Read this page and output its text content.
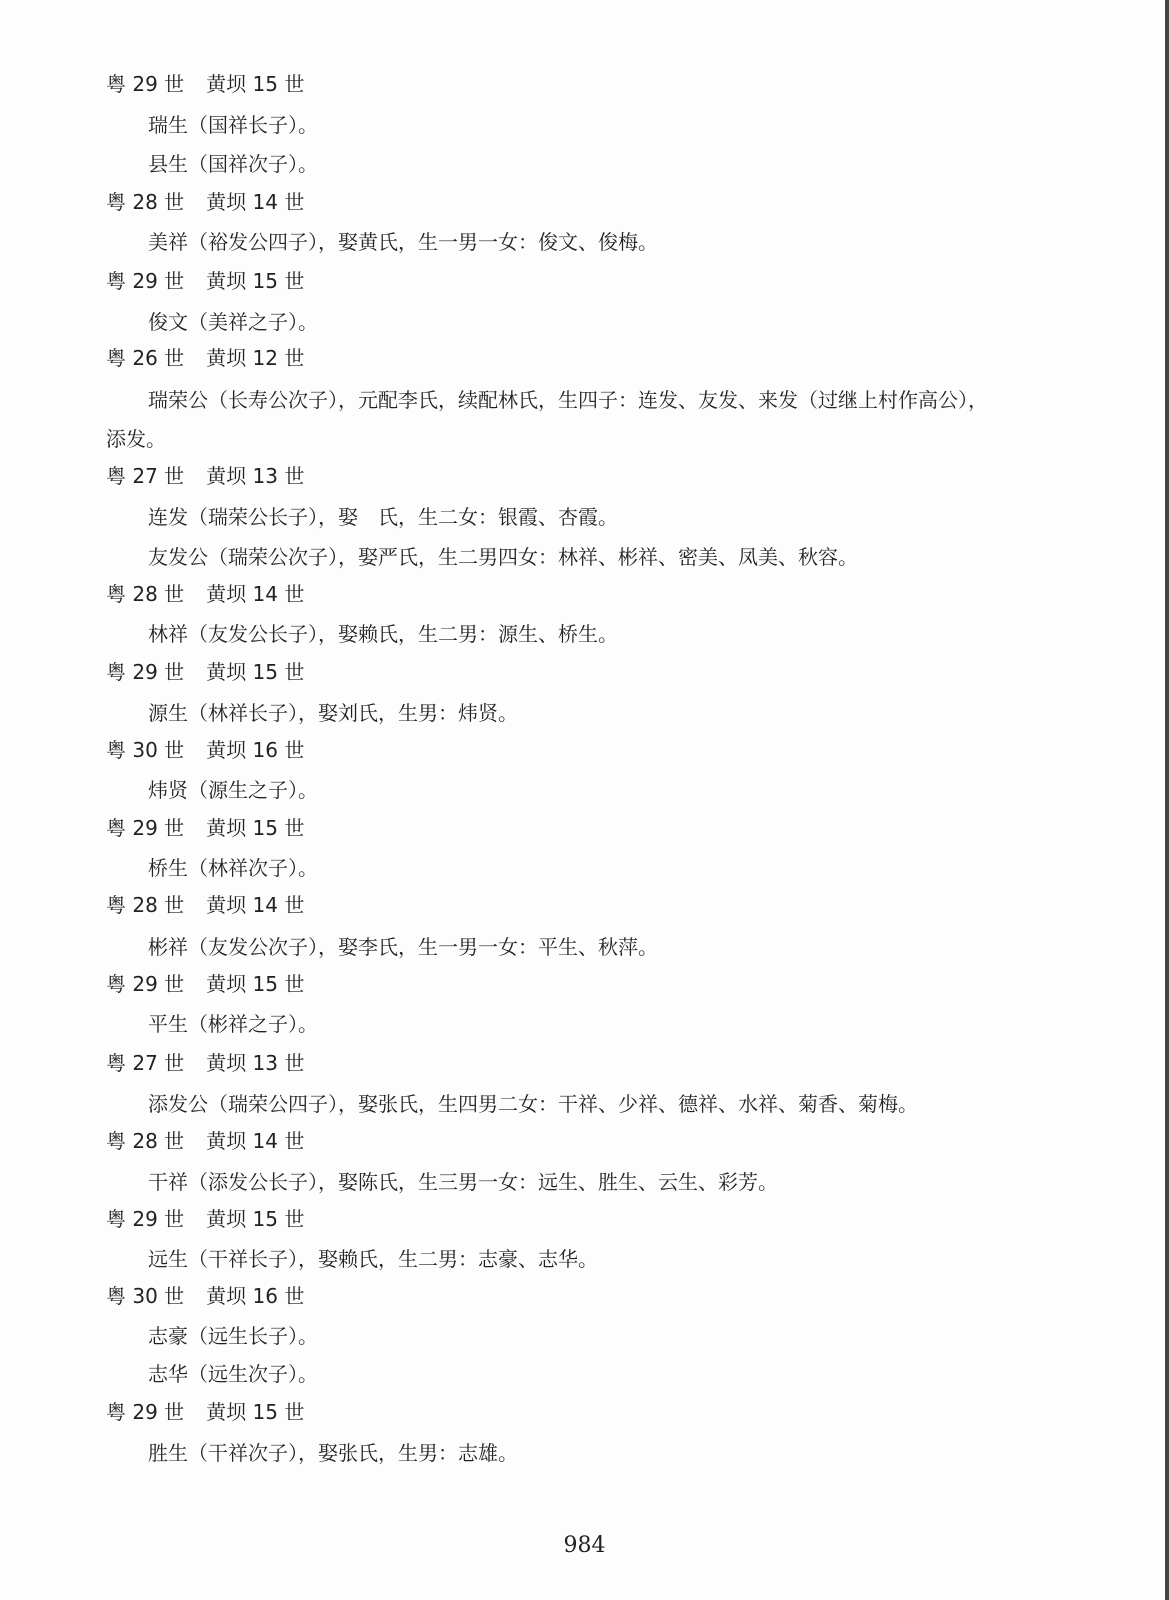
粤 29 世 黄坝 15 世
瑞生（国祥长子）。
县生（国祥次子）。
粤 28 世 黄坝 14 世
美祥（裕发公四子），娶黄氏，生一男一女：俊文、俊梅。
粤 29 世 黄坝 15 世
俊文（美祥之子）。
粤 26 世 黄坝 12 世
瑞荣公（长寿公次子），元配李氏，续配林氏，生四子：连发、友发、来发（过继上村作高公），
添发。
粤 27 世 黄坝 13 世
连发（瑞荣公长子），娶　氏，生二女：银霞、杏霞。
友发公（瑞荣公次子），娶严氏，生二男四女：林祥、彬祥、密美、凤美、秋容。
粤 28 世 黄坝 14 世
林祥（友发公长子），娶赖氏，生二男：源生、桥生。
粤 29 世 黄坝 15 世
源生（林祥长子），娶刘氏，生男：炜贤。
粤 30 世 黄坝 16 世
炜贤（源生之子）。
粤 29 世 黄坝 15 世
桥生（林祥次子）。
粤 28 世 黄坝 14 世
彬祥（友发公次子），娶李氏，生一男一女：平生、秋萍。
粤 29 世 黄坝 15 世
平生（彬祥之子）。
粤 27 世 黄坝 13 世
添发公（瑞荣公四子），娶张氏，生四男二女：干祥、少祥、德祥、水祥、菊香、菊梅。
粤 28 世 黄坝 14 世
干祥（添发公长子），娶陈氏，生三男一女：远生、胜生、云生、彩芳。
粤 29 世 黄坝 15 世
远生（干祥长子），娶赖氏，生二男：志豪、志华。
粤 30 世 黄坝 16 世
志豪（远生长子）。
志华（远生次子）。
粤 29 世 黄坝 15 世
胜生（干祥次子），娶张氏，生男：志雄。
984
